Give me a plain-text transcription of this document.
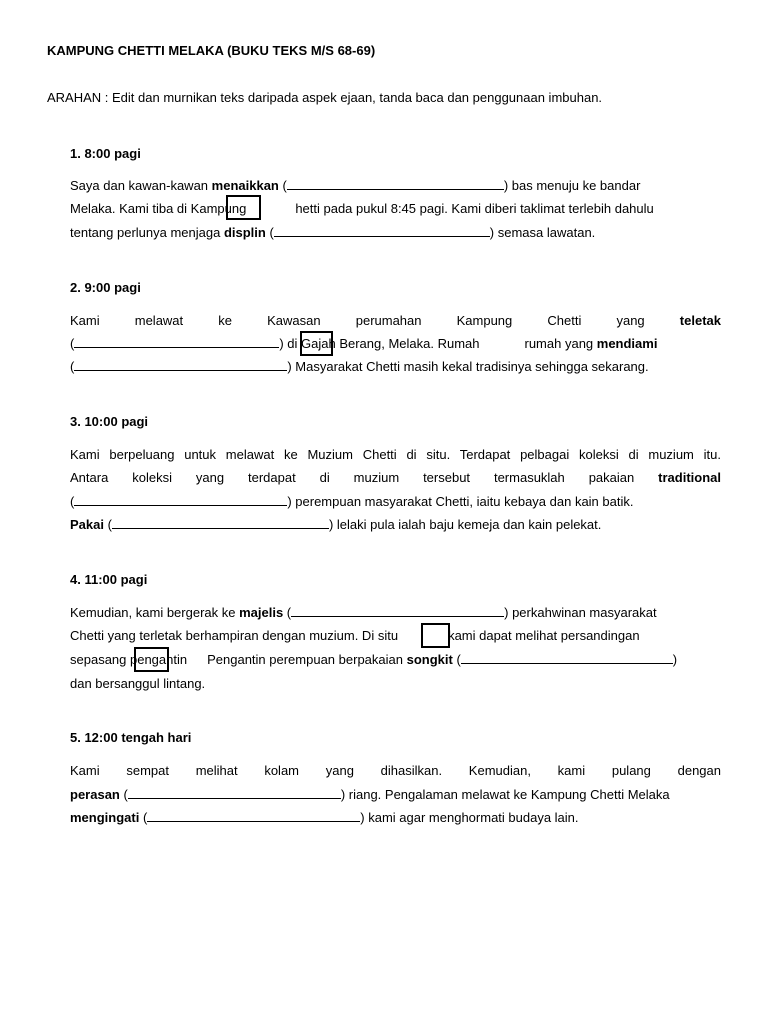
KAMPUNG CHETTI MELAKA (BUKU TEKS M/S 68-69)
ARAHAN : Edit dan murnikan teks daripada aspek ejaan, tanda baca dan penggunaan imbuhan.
1. 8:00 pagi
Saya dan kawan-kawan menaikkan (	) bas menuju ke bandar
Melaka. Kami tiba di Kampung	hetti pada pukul 8:45 pagi. Kami diberi taklimat terlebih dahulu
tentang perlunya menjaga displin (	) semasa lawatan.
2. 9:00 pagi
Kami melawat ke Kawasan perumahan Kampung Chetti yang teletak
(	) di Gajah Berang, Melaka. Rumah	rumah yang mendiami
(	) Masyarakat Chetti masih kekal tradisinya sehingga sekarang.
3. 10:00 pagi
Kami berpeluang untuk melawat ke Muzium Chetti di situ. Terdapat pelbagai koleksi di muzium itu.
Antara koleksi yang terdapat di muzium tersebut termasuklah pakaian traditional
(	) perempuan masyarakat Chetti, iaitu kebaya dan kain batik.
Pakai (	) lelaki pula ialah baju kemeja dan kain pelekat.
4. 11:00 pagi
Kemudian, kami bergerak ke majelis (	) perkahwinan masyarakat
Chetti yang terletak berhampiran dengan muzium. Di situ	kami dapat melihat persandingan
sepasang pengantin Pengantin perempuan berpakaian songkit (	)
dan bersanggul lintang.
5. 12:00 tengah hari
Kami sempat melihat kolam yang dihasilkan. Kemudian, kami pulang dengan
perasan (	) riang. Pengalaman melawat ke Kampung Chetti Melaka
mengingati (	) kami agar menghormati budaya lain.
